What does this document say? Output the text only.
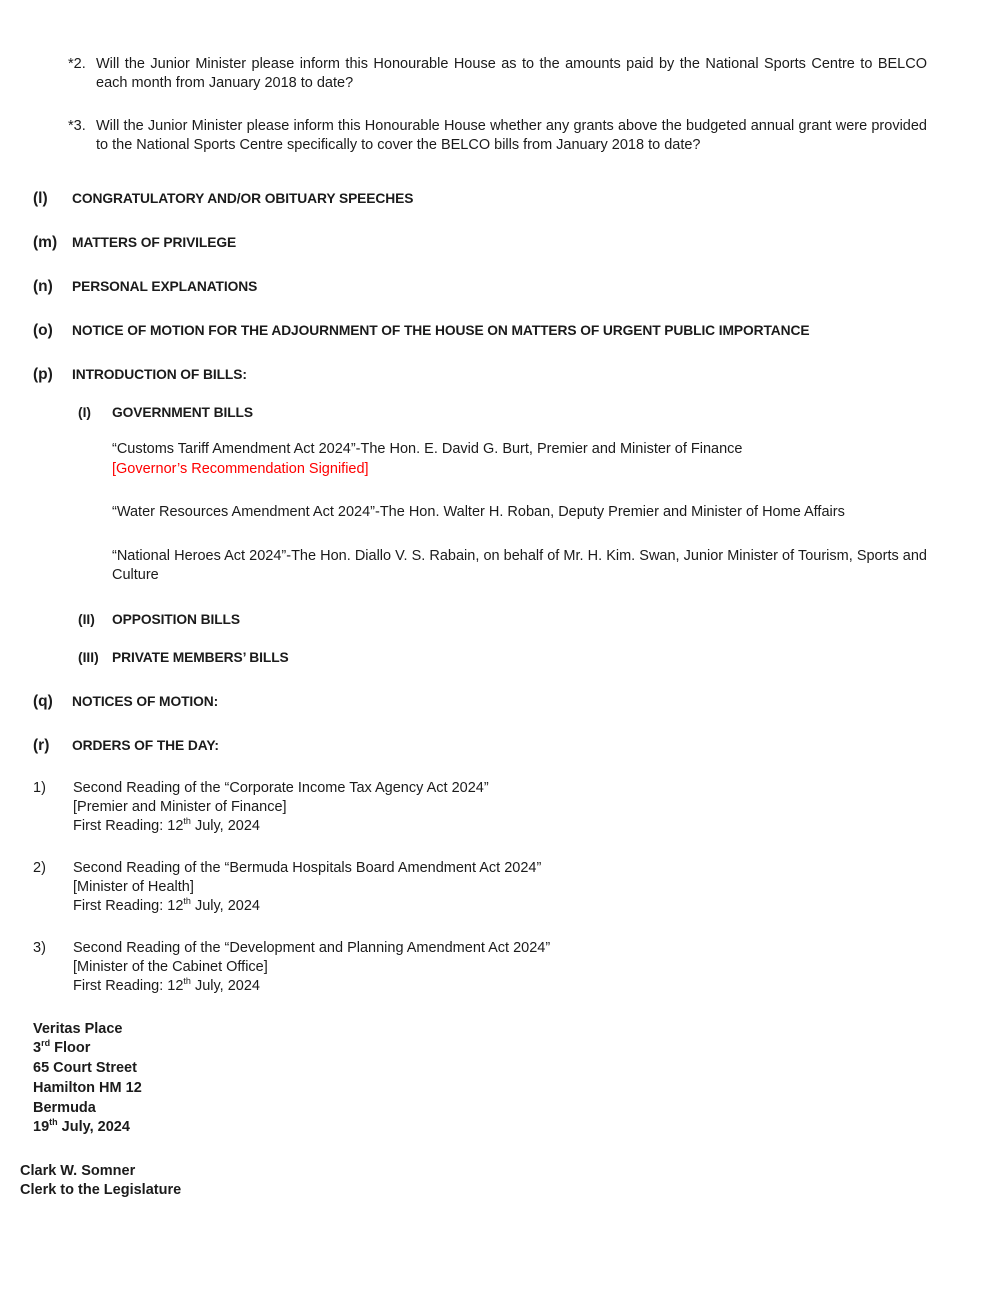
*2. Will the Junior Minister please inform this Honourable House as to the amounts paid by the National Sports Centre to BELCO each month from January 2018 to date?
*3. Will the Junior Minister please inform this Honourable House whether any grants above the budgeted annual grant were provided to the National Sports Centre specifically to cover the BELCO bills from January 2018 to date?
(l)	CONGRATULATORY AND/OR OBITUARY SPEECHES
(m)	MATTERS OF PRIVILEGE
(n)	PERSONAL EXPLANATIONS
(o)	NOTICE OF MOTION FOR THE ADJOURNMENT OF THE HOUSE ON MATTERS OF URGENT PUBLIC IMPORTANCE
(p)	INTRODUCTION OF BILLS:
(I)	GOVERNMENT BILLS
“Customs Tariff Amendment Act 2024”-The Hon. E. David G. Burt, Premier and Minister of Finance
[Governor’s Recommendation Signified]
“Water Resources Amendment Act 2024”-The Hon. Walter H. Roban, Deputy Premier and Minister of Home Affairs
“National Heroes Act 2024”-The Hon. Diallo V. S. Rabain, on behalf of Mr. H. Kim. Swan, Junior Minister of Tourism, Sports and Culture
(II)	OPPOSITION BILLS
(III) PRIVATE MEMBERS’ BILLS
(q)	NOTICES OF MOTION:
(r)	ORDERS OF THE DAY:
1)	Second Reading of the “Corporate Income Tax Agency Act 2024”
[Premier and Minister of Finance]
First Reading: 12th July, 2024
2)	Second Reading of the “Bermuda Hospitals Board Amendment Act 2024”
[Minister of Health]
First Reading: 12th July, 2024
3)	Second Reading of the “Development and Planning Amendment Act 2024”
[Minister of the Cabinet Office]
First Reading: 12th July, 2024
Veritas Place
3rd Floor
65 Court Street
Hamilton HM 12
Bermuda
19th July, 2024
Clark W. Somner
Clerk to the Legislature
